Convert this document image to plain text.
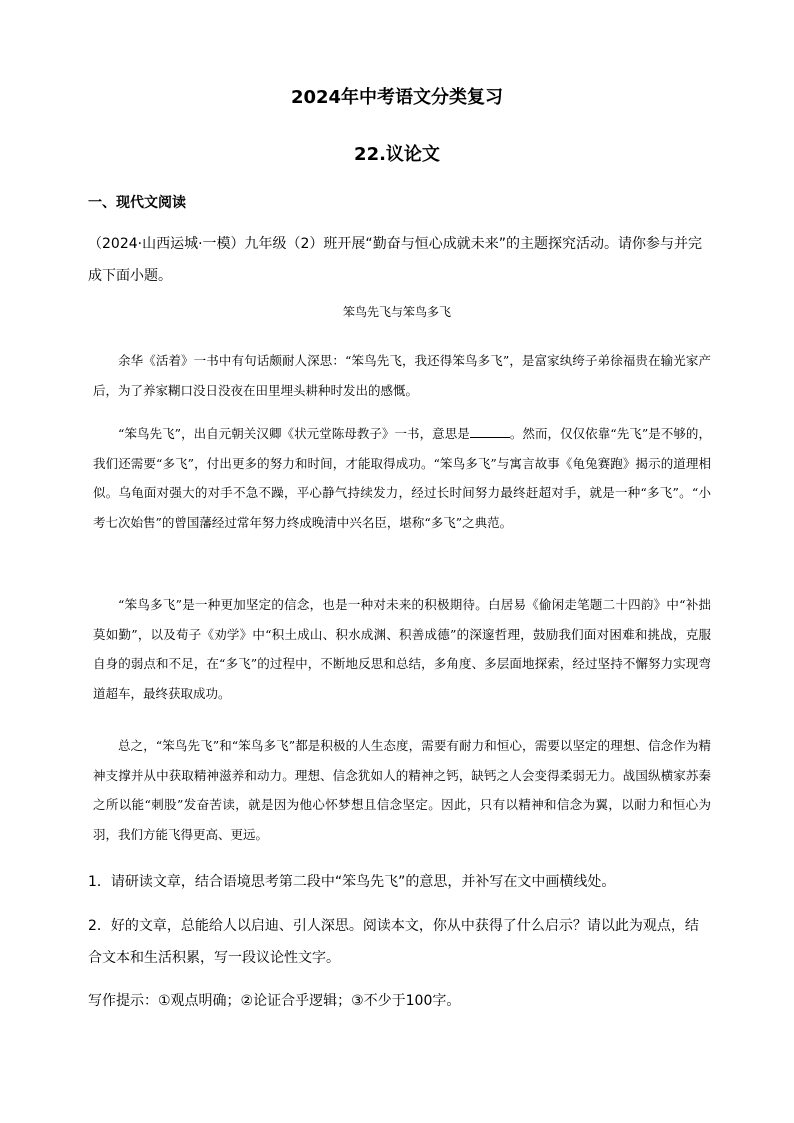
2024年中考语文分类复习
22.议论文
一、现代文阅读
（2024·山西运城·一模）九年级（2）班开展“勤奋与恒心成就未来”的主题探究活动。请你参与并完成下面小题。
笨鸟先飞与笨鸟多飞
余华《活着》一书中有句话颇耐人深思：“笨鸟先飞，我还得笨鸟多飞”，是富家纨绔子弟徐福贵在输光家产后，为了养家糊口没日没夜在田里埋头耕种时发出的感慨。
“笨鸟先飞”，出自元朝关汉卿《状元堂陈母教子》一书，意思是	。然而，仅仅依靠“先飞”是不够的，我们还需要“多飞”，付出更多的努力和时间，才能取得成功。“笨鸟多飞”与寓言故事《龟兔赛跑》揭示的道理相似。乌龟面对强大的对手不急不躁，平心静气持续发力，经过长时间努力最终赶超对手，就是一种“多飞”。“小考七次始售”的曾国藩经过常年努力终成晚清中兴名臣，堪称“多飞”之典范。
“笨鸟多飞”是一种更加坚定的信念，也是一种对未来的积极期待。白居易《偷闲走笔题二十四韵》中“补拙莫如勤”，以及荀子《劝学》中“积土成山、积水成渊、积善成德”的深邃哲理，鼓励我们面对困难和挑战，克服自身的弱点和不足，在“多飞”的过程中，不断地反思和总结，多角度、多层面地探索，经过坚持不懈努力实现弯道超车，最终获取成功。
总之，“笨鸟先飞”和“笨鸟多飞”都是积极的人生态度，需要有耐力和恒心，需要以坚定的理想、信念作为精神支撑并从中获取精神滋养和动力。理想、信念犹如人的精神之钙，缺钙之人会变得柔弱无力。战国纵横家苏秦之所以能“刺股”发奋苦读，就是因为他心怀梦想且信念坚定。因此，只有以精神和信念为翼，以耐力和恒心为羽，我们方能飞得更高、更远。
1．请研读文章，结合语境思考第二段中“笨鸟先飞”的意思，并补写在文中画横线处。
2．好的文章，总能给人以启迪、引人深思。阅读本文，你从中获得了什么启示？请以此为观点，结合文本和生活积累，写一段议论性文字。
写作提示：①观点明确；②论证合乎逻辑；③不少于100字。
